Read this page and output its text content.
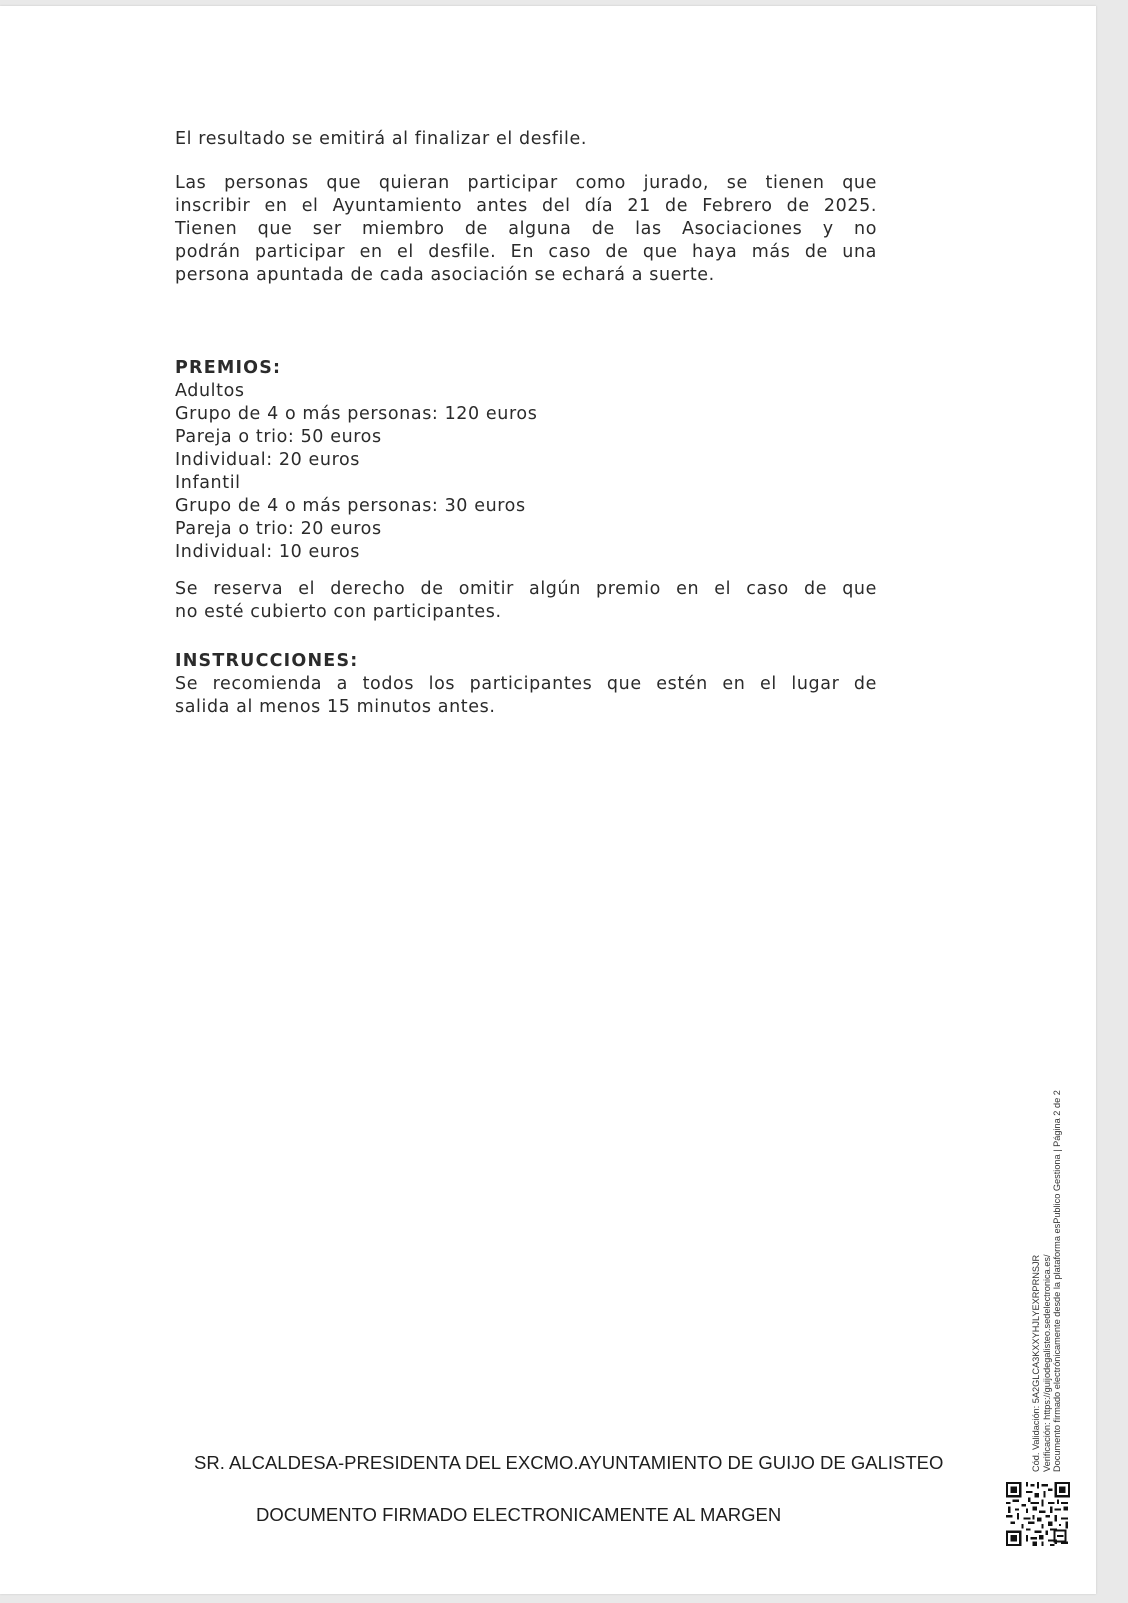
El resultado se emitirá al finalizar el desfile.

Las personas que quieran participar como jurado, se tienen que
inscribir en el Ayuntamiento antes del día 21 de Febrero de 2025.
Tienen que ser miembro de alguna de las Asociaciones y no
podrán participar en el desfile. En caso de que haya más de una
persona apuntada de cada asociación se echará a suerte.

PREMIOS:

Adultos
Grupo de 4 o más personas: 120 euros
Pareja o trio: 50 euros
Individual: 20 euros
Infantil
Grupo de 4 o más personas: 30 euros
Pareja o trio: 20 euros
Individual: 10 euros
Se reserva el derecho de omitir algún premio en el caso de que
no esté cubierto con participantes.

INSTRUCCIONES:

Se recomienda a todos los participantes que estén en el lugar de
salida al menos 15 minutos antes.
SR. ALCALDESA-PRESIDENTA DEL EXCMO.AYUNTAMIENTO DE GUIJO DE GALISTEO
DOCUMENTO FIRMADO ELECTRONICAMENTE AL MARGEN
Cód. Validación: 5A2GLCA3KXXYHJLYEXRPRNSJR Verificación: https://guijodegalisteo.sedelectronica.es/ Documento firmado electrónicamente desde la plataforma esPublico Gestiona | Página 2 de 2
